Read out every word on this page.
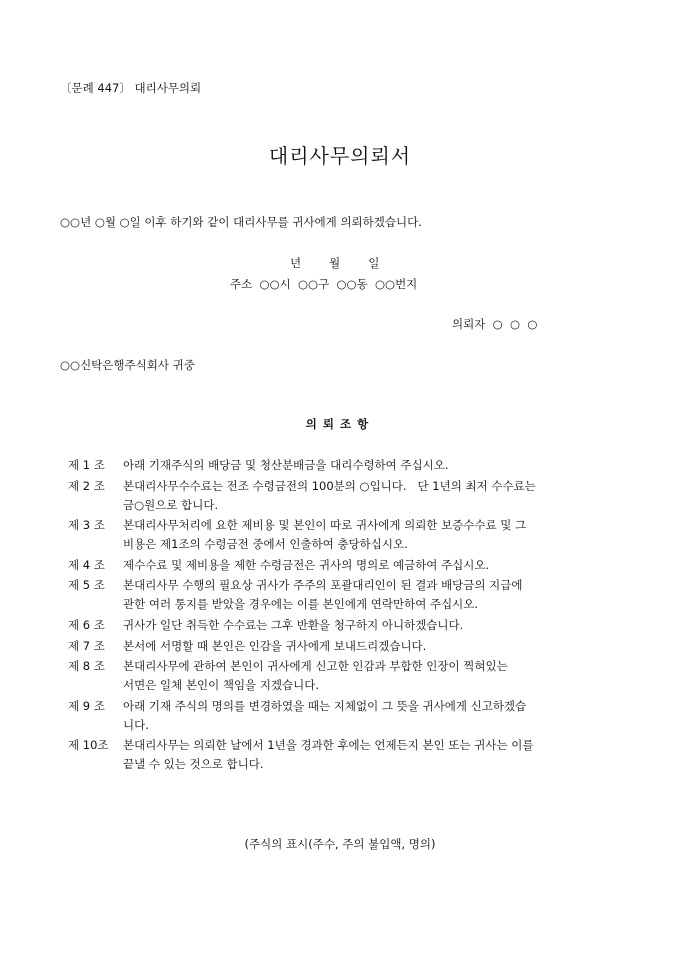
〔문례 447〕 대리사무의뢰
대리사무의뢰서
○○년 ○월 ○일 이후 하기와 같이 대리사무를 귀사에게 의뢰하겠습니다.
년 월 일
주소  ○○시  ○○구  ○○동  ○○번지
의뢰자  ○  ○  ○
○○신탁은행주식회사 귀중
의뢰조항
제 1 조	아래 기재주식의 배당금 및 청산분배금을 대리수령하여 주십시오.
제 2 조	본대리사무수수료는 전조 수령금전의 100분의 ○입니다.   단 1년의 최저 수수료는
금○원으로 합니다.
제 3 조	본대리사무처리에 요한 제비용 및 본인이 따로 귀사에게 의뢰한 보증수수료 및 그
비용은 제1조의 수령금전 중에서 인출하여 충당하십시오.
제 4 조	제수수료 및 제비용을 제한 수령금전은 귀사의 명의로 예금하여 주십시오.
제 5 조	본대리사무 수행의 필요상 귀사가 주주의 포괄대리인이 된 결과 배당금의 지급에
관한 여러 통지를 받았을 경우에는 이를 본인에게 연락만하여 주십시오.
제 6 조	귀사가 일단 취득한 수수료는 그후 반환을 청구하지 아니하겠습니다.
제 7 조	본서에 서명할 때 본인은 인감을 귀사에게 보내드리겠습니다.
제 8 조	본대리사무에 관하여 본인이 귀사에게 신고한 인감과 부합한 인장이 찍혀있는
서면은 일체 본인이 책임을 지겠습니다.
제 9 조	아래 기재 주식의 명의를 변경하였을 때는 지체없이 그 뜻을 귀사에게 신고하겠습
니다.
제 10조	본대리사무는 의뢰한 날에서 1년을 경과한 후에는 언제든지 본인 또는 귀사는 이를
끝낼 수 있는 것으로 합니다.
(주식의 표시(주수, 주의 불입액, 명의)
